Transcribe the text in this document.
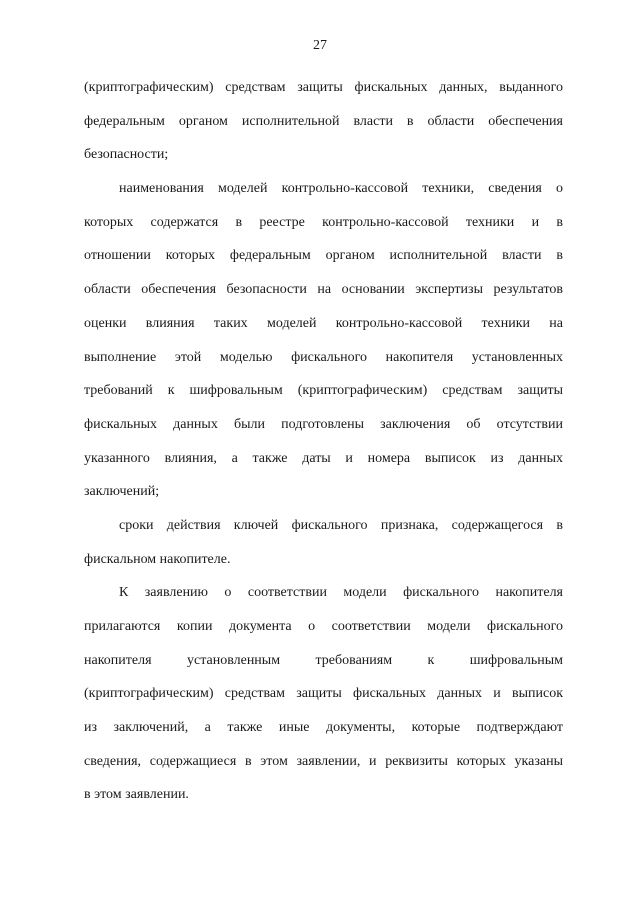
27
(криптографическим) средствам защиты фискальных данных, выданного
федеральным органом исполнительной власти в области обеспечения
безопасности;
наименования моделей контрольно-кассовой техники, сведения о
которых содержатся в реестре контрольно-кассовой техники и в
отношении которых федеральным органом исполнительной власти в
области обеспечения безопасности на основании экспертизы результатов
оценки влияния таких моделей контрольно-кассовой техники на
выполнение этой моделью фискального накопителя установленных
требований к шифровальным (криптографическим) средствам защиты
фискальных данных были подготовлены заключения об отсутствии
указанного влияния, а также даты и номера выписок из данных
заключений;
сроки действия ключей фискального признака, содержащегося в
фискальном накопителе.
К заявлению о соответствии модели фискального накопителя
прилагаются копии документа о соответствии модели фискального
накопителя установленным требованиям к шифровальным
(криптографическим) средствам защиты фискальных данных и выписок
из заключений, а также иные документы, которые подтверждают
сведения, содержащиеся в этом заявлении, и реквизиты которых указаны
в этом заявлении.
